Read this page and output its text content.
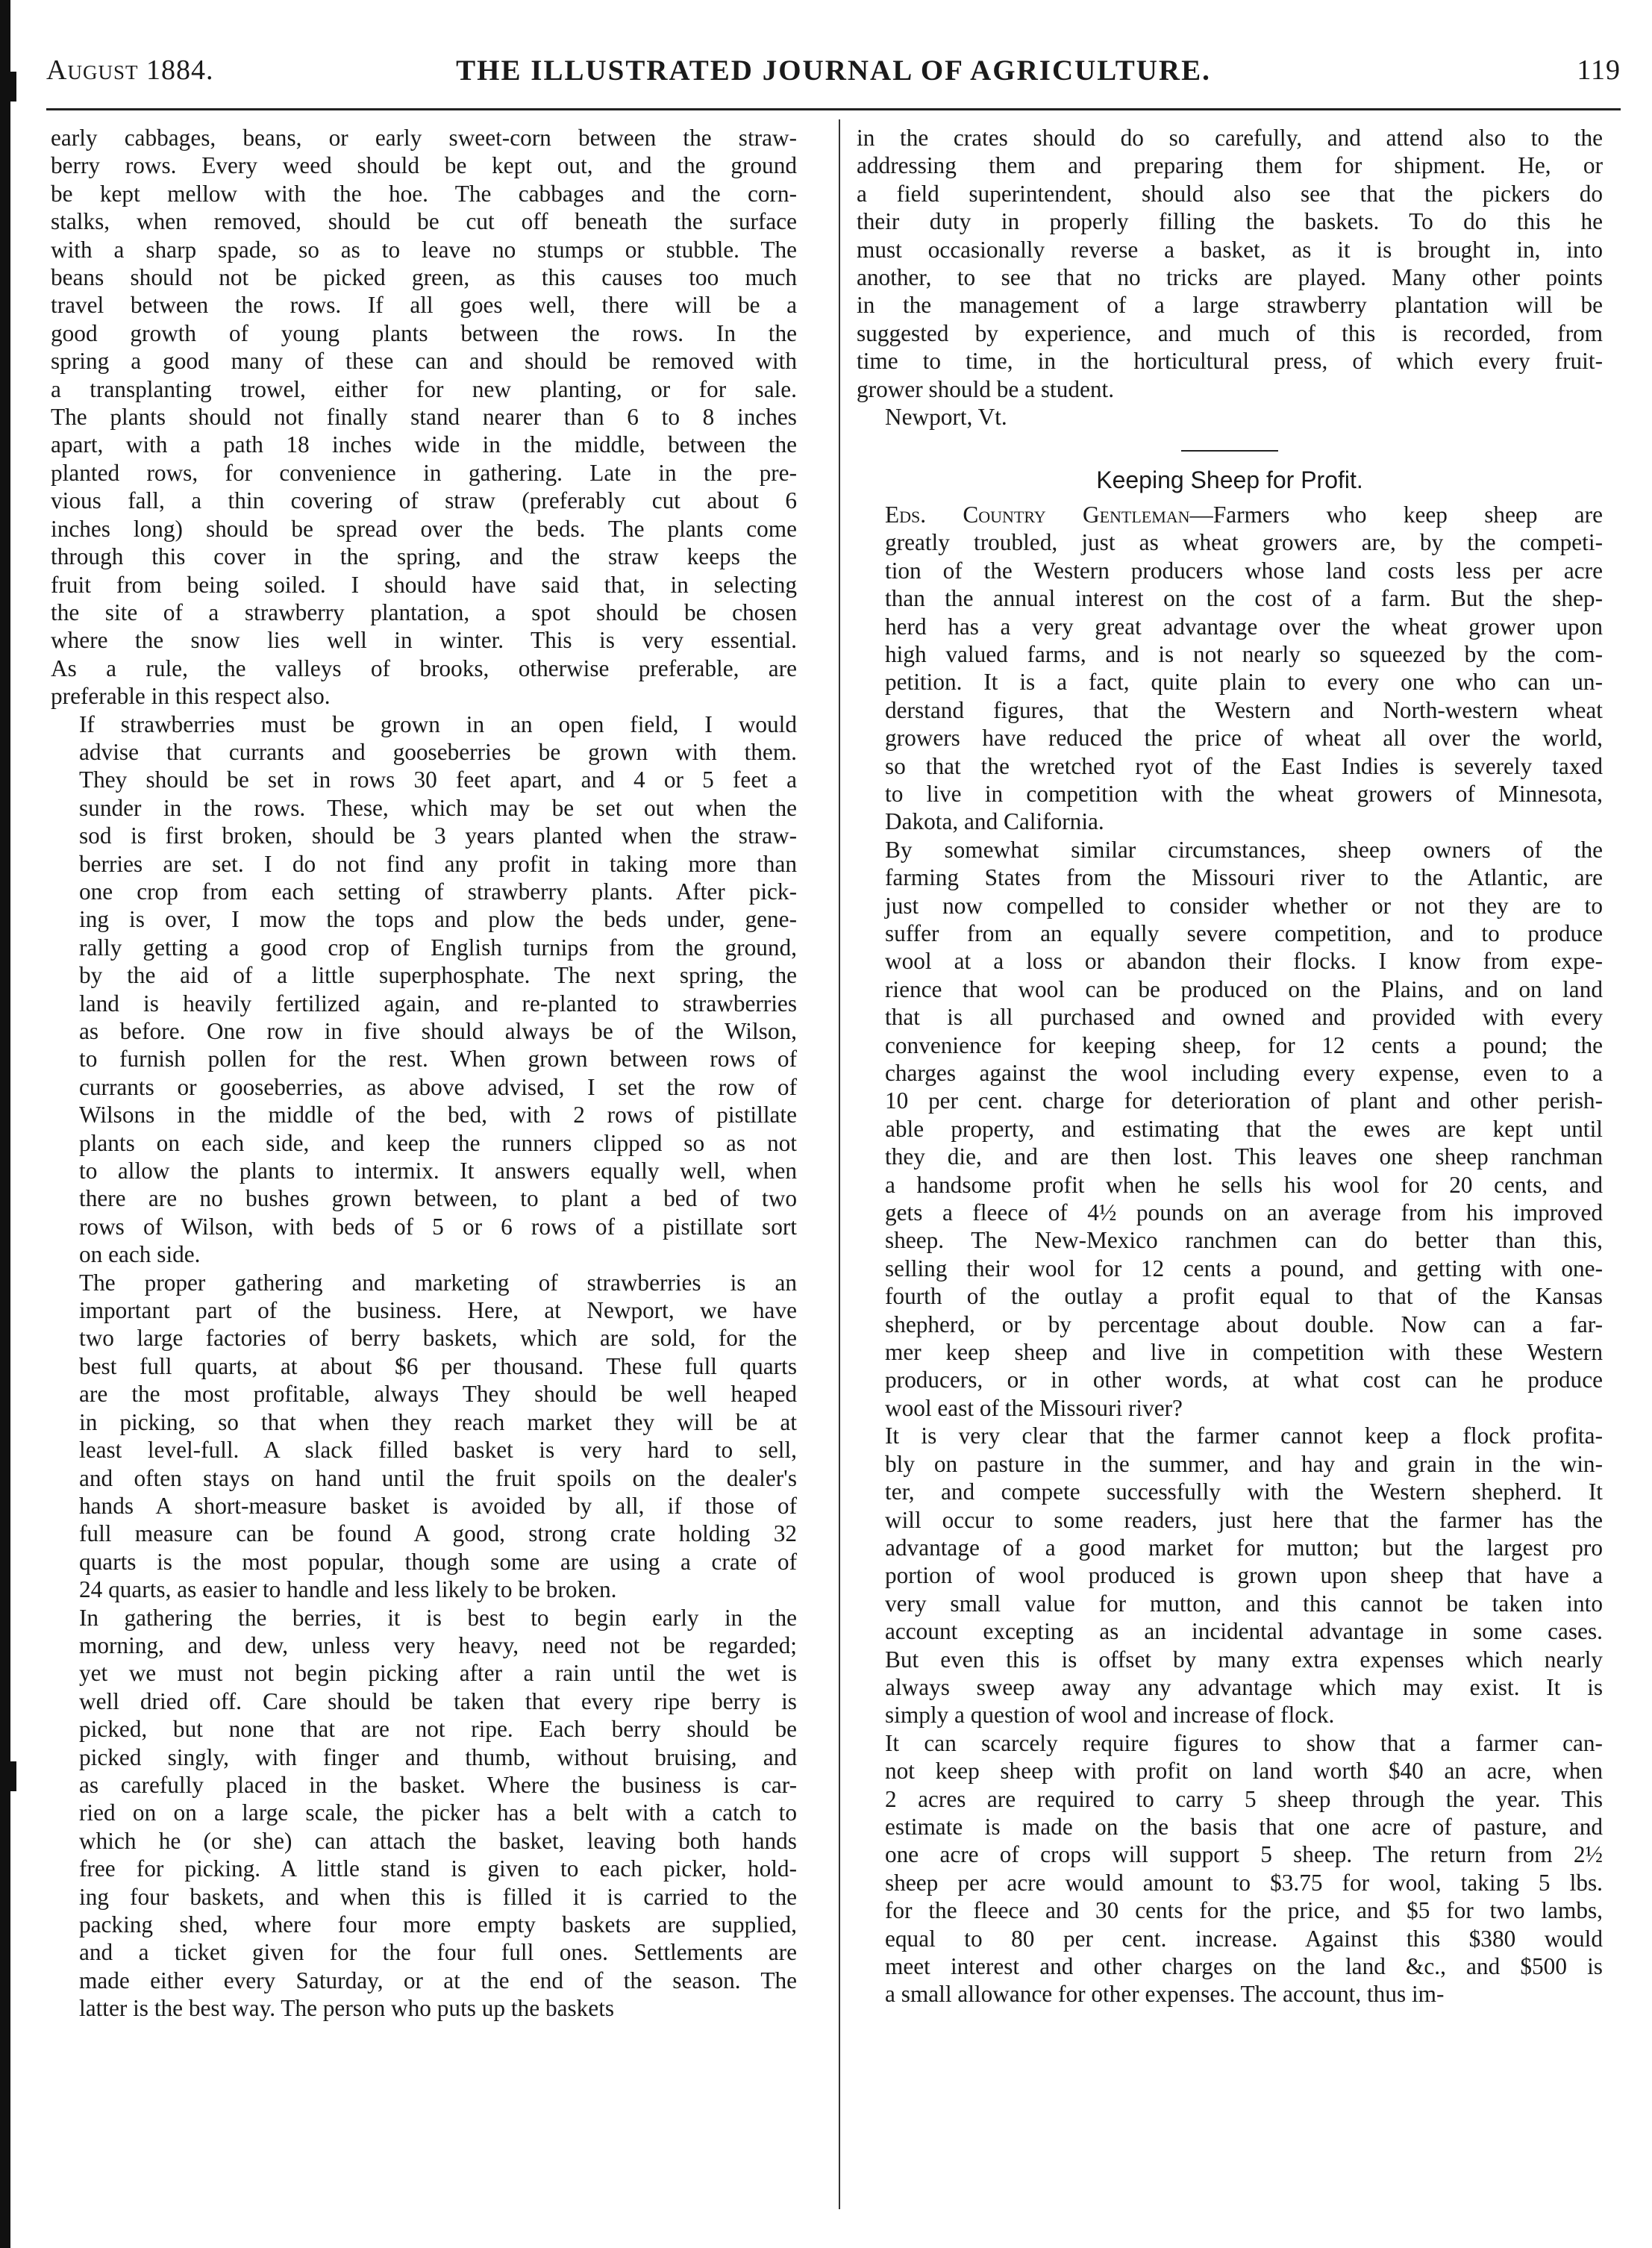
August 1884.	THE ILLUSTRATED JOURNAL OF AGRICULTURE.	119

early cabbages, beans, or early sweet-corn between the straw-
berry rows. Every weed should be kept out, and the ground
be kept mellow with the hoe. The cabbages and the corn-
stalks, when removed, should be cut off beneath the surface
with a sharp spade, so as to leave no stumps or stubble. The
beans should not be picked green, as this causes too much
travel between the rows. If all goes well, there will be a
good growth of young plants between the rows. In the
spring a good many of these can and should be removed with
a transplanting trowel, either for new planting, or for sale.
The plants should not finally stand nearer than 6 to 8 inches
apart, with a path 18 inches wide in the middle, between the
planted rows, for convenience in gathering. Late in the pre-
vious fall, a thin covering of straw (preferably cut about 6
inches long) should be spread over the beds. The plants come
through this cover in the spring, and the straw keeps the
fruit from being soiled. I should have said that, in selecting
the site of a strawberry plantation, a spot should be chosen
where the snow lies well in winter. This is very essential.
As a rule, the valleys of brooks, otherwise preferable, are
preferable in this respect also.

If strawberries must be grown in an open field, I would
advise that currants and gooseberries be grown with them.
They should be set in rows 30 feet apart, and 4 or 5 feet a
sunder in the rows. These, which may be set out when the
sod is first broken, should be 3 years planted when the straw-
berries are set. I do not find any profit in taking more than
one crop from each setting of strawberry plants. After pick-
ing is over, I mow the tops and plow the beds under, gene-
rally getting a good crop of English turnips from the ground,
by the aid of a little superphosphate. The next spring, the
land is heavily fertilized again, and re-planted to strawberries
as before. One row in five should always be of the Wilson,
to furnish pollen for the rest. When grown between rows of
currants or gooseberries, as above advised, I set the row of
Wilsons in the middle of the bed, with 2 rows of pistillate
plants on each side, and keep the runners clipped so as not
to allow the plants to intermix. It answers equally well, when
there are no bushes grown between, to plant a bed of two
rows of Wilson, with beds of 5 or 6 rows of a pistillate sort
on each side.

The proper gathering and marketing of strawberries is an
important part of the business. Here, at Newport, we have
two large factories of berry baskets, which are sold, for the
best full quarts, at about $6 per thousand. These full quarts
are the most profitable, always They should be well heaped
in picking, so that when they reach market they will be at
least level-full. A slack filled basket is very hard to sell,
and often stays on hand until the fruit spoils on the dealer's
hands A short-measure basket is avoided by all, if those of
full measure can be found A good, strong crate holding 32
quarts is the most popular, though some are using a crate of
24 quarts, as easier to handle and less likely to be broken.

In gathering the berries, it is best to begin early in the
morning, and dew, unless very heavy, need not be regarded;
yet we must not begin picking after a rain until the wet is
well dried off. Care should be taken that every ripe berry is
picked, but none that are not ripe. Each berry should be
picked singly, with finger and thumb, without bruising, and
as carefully placed in the basket. Where the business is car-
ried on on a large scale, the picker has a belt with a catch to
which he (or she) can attach the basket, leaving both hands
free for picking. A little stand is given to each picker, hold-
ing four baskets, and when this is filled it is carried to the
packing shed, where four more empty baskets are supplied,
and a ticket given for the four full ones. Settlements are
made either every Saturday, or at the end of the season. The
latter is the best way. The person who puts up the baskets

in the crates should do so carefully, and attend also to the
addressing them and preparing them for shipment. He, or
a field superintendent, should also see that the pickers do
their duty in properly filling the baskets. To do this he
must occasionally reverse a basket, as it is brought in, into
another, to see that no tricks are played. Many other points
in the management of a large strawberry plantation will be
suggested by experience, and much of this is recorded, from
time to time, in the horticultural press, of which every fruit-
grower should be a student.

Newport, Vt.

Keeping Sheep for Profit.

Eds. Country Gentleman—Farmers who keep sheep are
greatly troubled, just as wheat growers are, by the competi-
tion of the Western producers whose land costs less per acre
than the annual interest on the cost of a farm. But the shep-
herd has a very great advantage over the wheat grower upon
high valued farms, and is not nearly so squeezed by the com-
petition. It is a fact, quite plain to every one who can un-
derstand figures, that the Western and North-western wheat
growers have reduced the price of wheat all over the world,
so that the wretched ryot of the East Indies is severely taxed
to live in competition with the wheat growers of Minnesota,
Dakota, and California.

By somewhat similar circumstances, sheep owners of the
farming States from the Missouri river to the Atlantic, are
just now compelled to consider whether or not they are to
suffer from an equally severe competition, and to produce
wool at a loss or abandon their flocks. I know from expe-
rience that wool can be produced on the Plains, and on land
that is all purchased and owned and provided with every
convenience for keeping sheep, for 12 cents a pound; the
charges against the wool including every expense, even to a
10 per cent. charge for deterioration of plant and other perish-
able property, and estimating that the ewes are kept until
they die, and are then lost. This leaves one sheep ranchman
a handsome profit when he sells his wool for 20 cents, and
gets a fleece of 4½ pounds on an average from his improved
sheep. The New-Mexico ranchmen can do better than this,
selling their wool for 12 cents a pound, and getting with one-
fourth of the outlay a profit equal to that of the Kansas
shepherd, or by percentage about double. Now can a far-
mer keep sheep and live in competition with these Western
producers, or in other words, at what cost can he produce
wool east of the Missouri river?

It is very clear that the farmer cannot keep a flock profita-
bly on pasture in the summer, and hay and grain in the win-
ter, and compete successfully with the Western shepherd. It
will occur to some readers, just here that the farmer has the
advantage of a good market for mutton; but the largest pro
portion of wool produced is grown upon sheep that have a
very small value for mutton, and this cannot be taken into
account excepting as an incidental advantage in some cases.
But even this is offset by many extra expenses which nearly
always sweep away any advantage which may exist. It is
simply a question of wool and increase of flock.

It can scarcely require figures to show that a farmer can-
not keep sheep with profit on land worth $40 an acre, when
2 acres are required to carry 5 sheep through the year. This
estimate is made on the basis that one acre of pasture, and
one acre of crops will support 5 sheep. The return from 2½
sheep per acre would amount to $3.75 for wool, taking 5 lbs.
for the fleece and 30 cents for the price, and $5 for two lambs,
equal to 80 per cent. increase. Against this $380 would
meet interest and other charges on the land &c., and $500 is
a small allowance for other expenses. The account, thus im-
